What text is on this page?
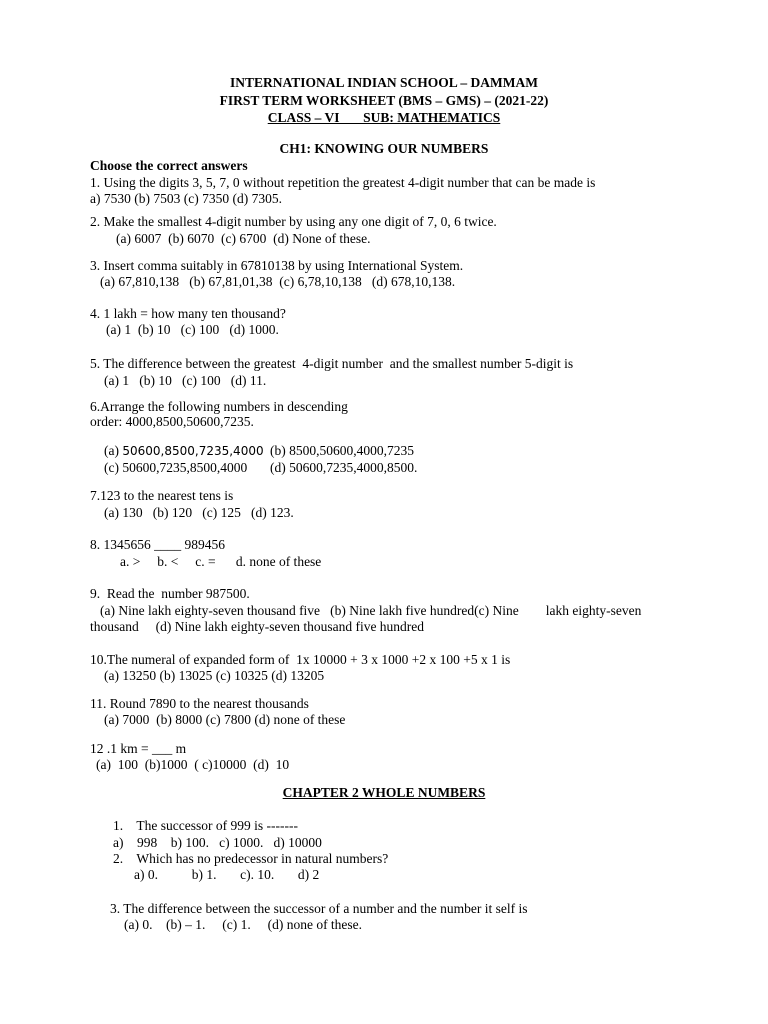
INTERNATIONAL INDIAN SCHOOL – DAMMAM
FIRST TERM WORKSHEET (BMS – GMS) – (2021-22)
CLASS – VI       SUB: MATHEMATICS
CH1: KNOWING OUR NUMBERS
Choose the correct answers
1. Using the digits 3, 5, 7, 0 without repetition the greatest 4-digit number that can be made is
a) 7530 (b) 7503 (c) 7350 (d) 7305.
2. Make the smallest 4-digit number by using any one digit of 7, 0, 6 twice.
(a) 6007  (b) 6070  (c) 6700  (d) None of these.
3. Insert comma suitably in 67810138 by using International System.
(a) 67,810,138   (b) 67,81,01,38  (c) 6,78,10,138   (d) 678,10,138.
4. 1 lakh = how many ten thousand?
(a) 1  (b) 10   (c) 100   (d) 1000.
5. The difference between the greatest  4-digit number  and the smallest number 5-digit is
(a) 1   (b) 10   (c) 100   (d) 11.
6.Arrange the following numbers in descending
order: 4000,8500,50600,7235.
(a) 50600,8500,7235,4000 (b) 8500,50600,4000,7235
(c) 50600,7235,8500,4000 (d) 50600,7235,4000,8500.
7.123 to the nearest tens is
(a) 130   (b) 120   (c) 125   (d) 123.
8. 1345656 ____ 989456
a. >     b. <     c. =      d. none of these
9.  Read the  number 987500.
(a) Nine lakh eighty-seven thousand five   (b) Nine lakh five hundred(c) Nine        lakh eighty-seven
thousand     (d) Nine lakh eighty-seven thousand five hundred
10.The numeral of expanded form of  1x 10000 + 3 x 1000 +2 x 100 +5 x 1 is
(a) 13250 (b) 13025 (c) 10325 (d) 13205
11. Round 7890 to the nearest thousands
(a) 7000  (b) 8000 (c) 7800 (d) none of these
12 .1 km = ___ m
(a)  100  (b)1000  ( c)10000  (d)  10
CHAPTER 2 WHOLE NUMBERS
1.    The successor of 999 is -------
a)    998    b) 100.   c) 1000.   d) 10000
2.    Which has no predecessor in natural numbers?
a) 0.          b) 1.       c). 10.       d) 2
3. The difference between the successor of a number and the number it self is
(a) 0.    (b) – 1.     (c) 1.     (d) none of these.
